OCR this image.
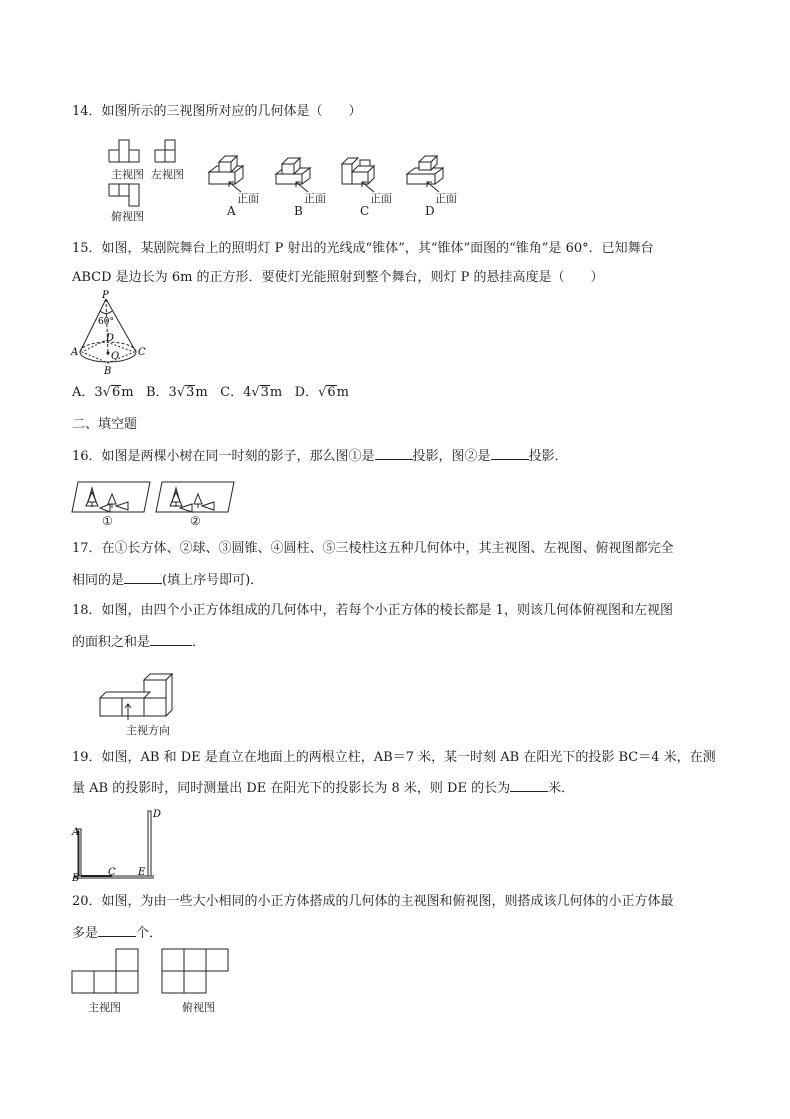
14．如图所示的三视图所对应的几何体是（　　）
主视图 左视图
俯视图
正面
A
正面
B
正面
C
正面
D
15．如图，某剧院舞台上的照明灯 P 射出的光线成“锥体”，其“锥体”面图的“锥角”是 60°．已知舞台
ABCD 是边长为 6m 的正方形．要使灯光能照射到整个舞台，则灯 P 的悬挂高度是（　　）
P
60°
D
A	O C
B
A．3√6m B．3√3m C．4√3m D．√6m
二、填空题
16．如图是两棵小树在同一时刻的影子，那么图①是	投影，图②是	投影．
①	②
17．在①长方体、②球、③圆锥、④圆柱、⑤三棱柱这五种几何体中，其主视图、左视图、俯视图都完全
相同的是	(填上序号即可)．
18．如图，由四个小正方体组成的几何体中，若每个小正方体的棱长都是 1，则该几何体俯视图和左视图
的面积之和是	．
主视方向
19．如图，AB 和 DE 是直立在地面上的两根立柱，AB＝7 米，某一时刻 AB 在阳光下的投影 BC＝4 米，在测
量 AB 的投影时，同时测量出 DE 在阳光下的投影长为 8 米，则 DE 的长为	米．
A
B
C E
D
20．如图，为由一些大小相同的小正方体搭成的几何体的主视图和俯视图，则搭成该几何体的小正方体最
多是	个．
主视图	俯视图
